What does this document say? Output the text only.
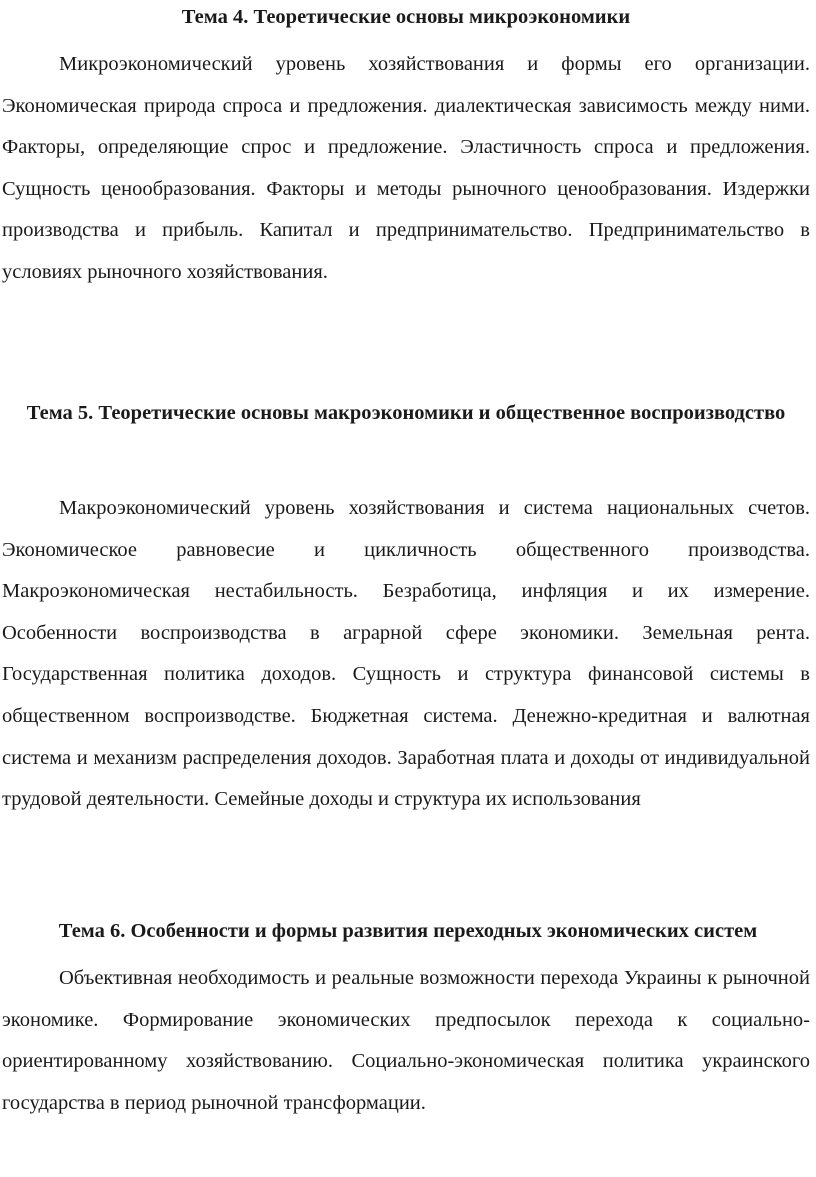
Тема 4. Теоретические основы микроэкономики

Микроэкономический уровень хозяйствования и формы его организации. Экономическая природа спроса и предложения. диалектическая зависимость между ними. Факторы, определяющие спрос и предложение. Эластичность спроса и предложения. Сущность ценообразования. Факторы и методы рыночного ценообразования. Издержки производства и прибыль. Капитал и предпринимательство. Предпринимательство в условиях рыночного хозяйствования.

Тема 5. Теоретические основы макроэкономики и общественное воспроизводство

Макроэкономический уровень хозяйствования и система национальных счетов. Экономическое равновесие и цикличность общественного производства. Макроэкономическая нестабильность. Безработица, инфляция и их измерение. Особенности воспроизводства в аграрной сфере экономики. Земельная рента. Государственная политика доходов. Сущность и структура финансовой системы в общественном воспроизводстве. Бюджетная система. Денежно-кредитная и валютная система и механизм распределения доходов. Заработная плата и доходы от индивидуальной трудовой деятельности. Семейные доходы и структура их использования

Тема 6. Особенности и формы развития переходных экономических систем

Объективная необходимость и реальные возможности перехода Украины к рыночной экономике. Формирование экономических предпосылок перехода к социально-ориентированному хозяйствованию. Социально-экономическая политика украинского государства в период рыночной трансформации.
